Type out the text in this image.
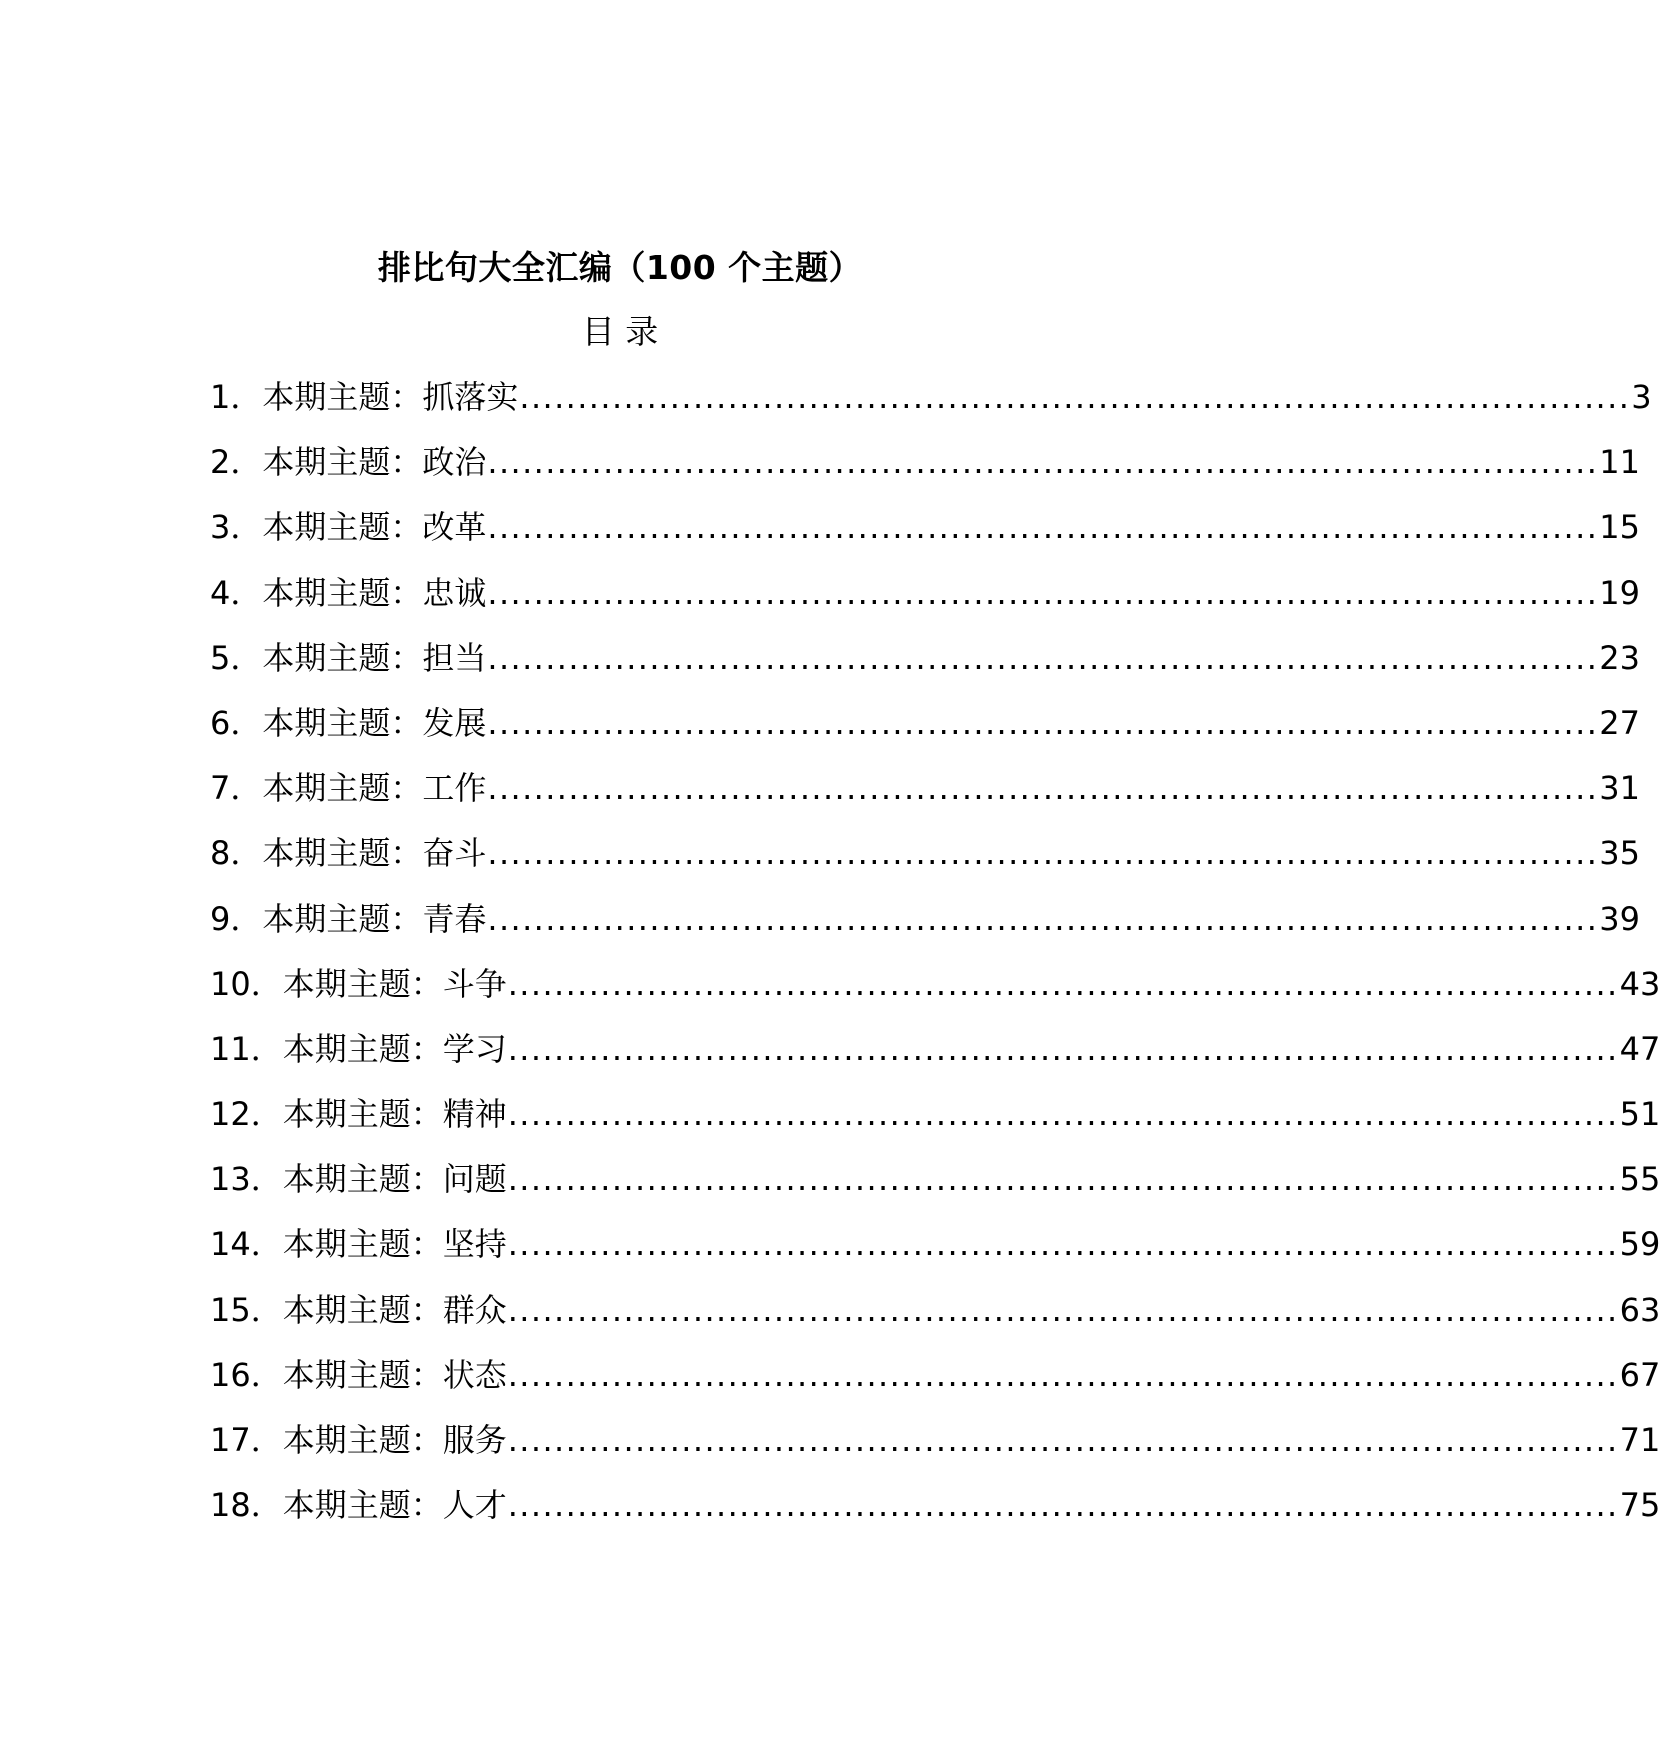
排比句大全汇编（100 个主题）
目 录
1．本期主题：抓落实 ................................................................................................ 3
2．本期主题：政治 ................................................................................................ 11
3．本期主题：改革 ................................................................................................ 15
4．本期主题：忠诚 ................................................................................................ 19
5．本期主题：担当 ................................................................................................ 23
6．本期主题：发展 ................................................................................................ 27
7．本期主题：工作 ................................................................................................ 31
8．本期主题：奋斗 ................................................................................................ 35
9．本期主题：青春 ................................................................................................ 39
10．本期主题：斗争 ................................................................................................ 43
11．本期主题：学习 ................................................................................................ 47
12．本期主题：精神 ................................................................................................ 51
13．本期主题：问题 ................................................................................................ 55
14．本期主题：坚持 ................................................................................................ 59
15．本期主题：群众 ................................................................................................ 63
16．本期主题：状态 ................................................................................................ 67
17．本期主题：服务 ................................................................................................ 71
18．本期主题：人才 ................................................................................................ 75
